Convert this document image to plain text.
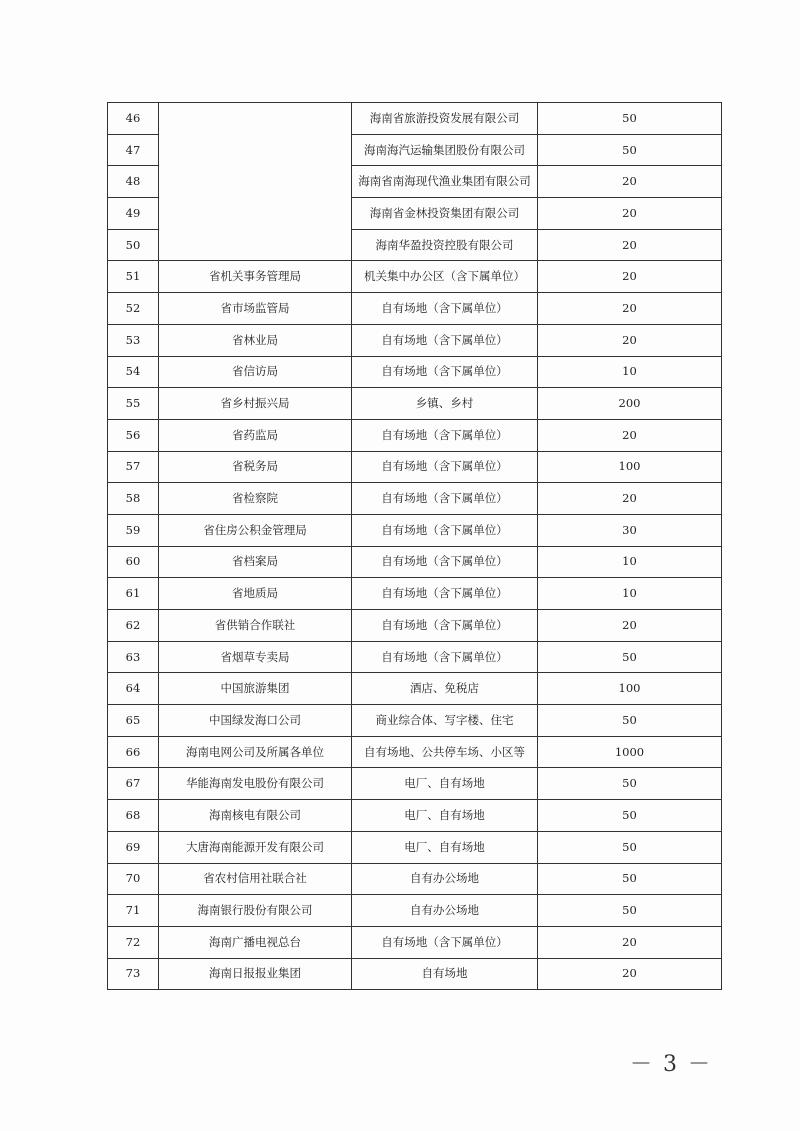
46		海南省旅游投资发展有限公司	50
47		海南海汽运输集团股份有限公司	50
48		海南省南海现代渔业集团有限公司	20
49		海南省金林投资集团有限公司	20
50		海南华盈投资控股有限公司	20
51	省机关事务管理局	机关集中办公区（含下属单位）	20
52	省市场监管局	自有场地（含下属单位）	20
53	省林业局	自有场地（含下属单位）	20
54	省信访局	自有场地（含下属单位）	10
55	省乡村振兴局	乡镇、乡村	200
56	省药监局	自有场地（含下属单位）	20
57	省税务局	自有场地（含下属单位）	100
58	省检察院	自有场地（含下属单位）	20
59	省住房公积金管理局	自有场地（含下属单位）	30
60	省档案局	自有场地（含下属单位）	10
61	省地质局	自有场地（含下属单位）	10
62	省供销合作联社	自有场地（含下属单位）	20
63	省烟草专卖局	自有场地（含下属单位）	50
64	中国旅游集团	酒店、免税店	100
65	中国绿发海口公司	商业综合体、写字楼、住宅	50
66	海南电网公司及所属各单位	自有场地、公共停车场、小区等	1000
67	华能海南发电股份有限公司	电厂、自有场地	50
68	海南核电有限公司	电厂、自有场地	50
69	大唐海南能源开发有限公司	电厂、自有场地	50
70	省农村信用社联合社	自有办公场地	50
71	海南银行股份有限公司	自有办公场地	50
72	海南广播电视总台	自有场地（含下属单位）	20
73	海南日报报业集团	自有场地	20
－ 3 －
